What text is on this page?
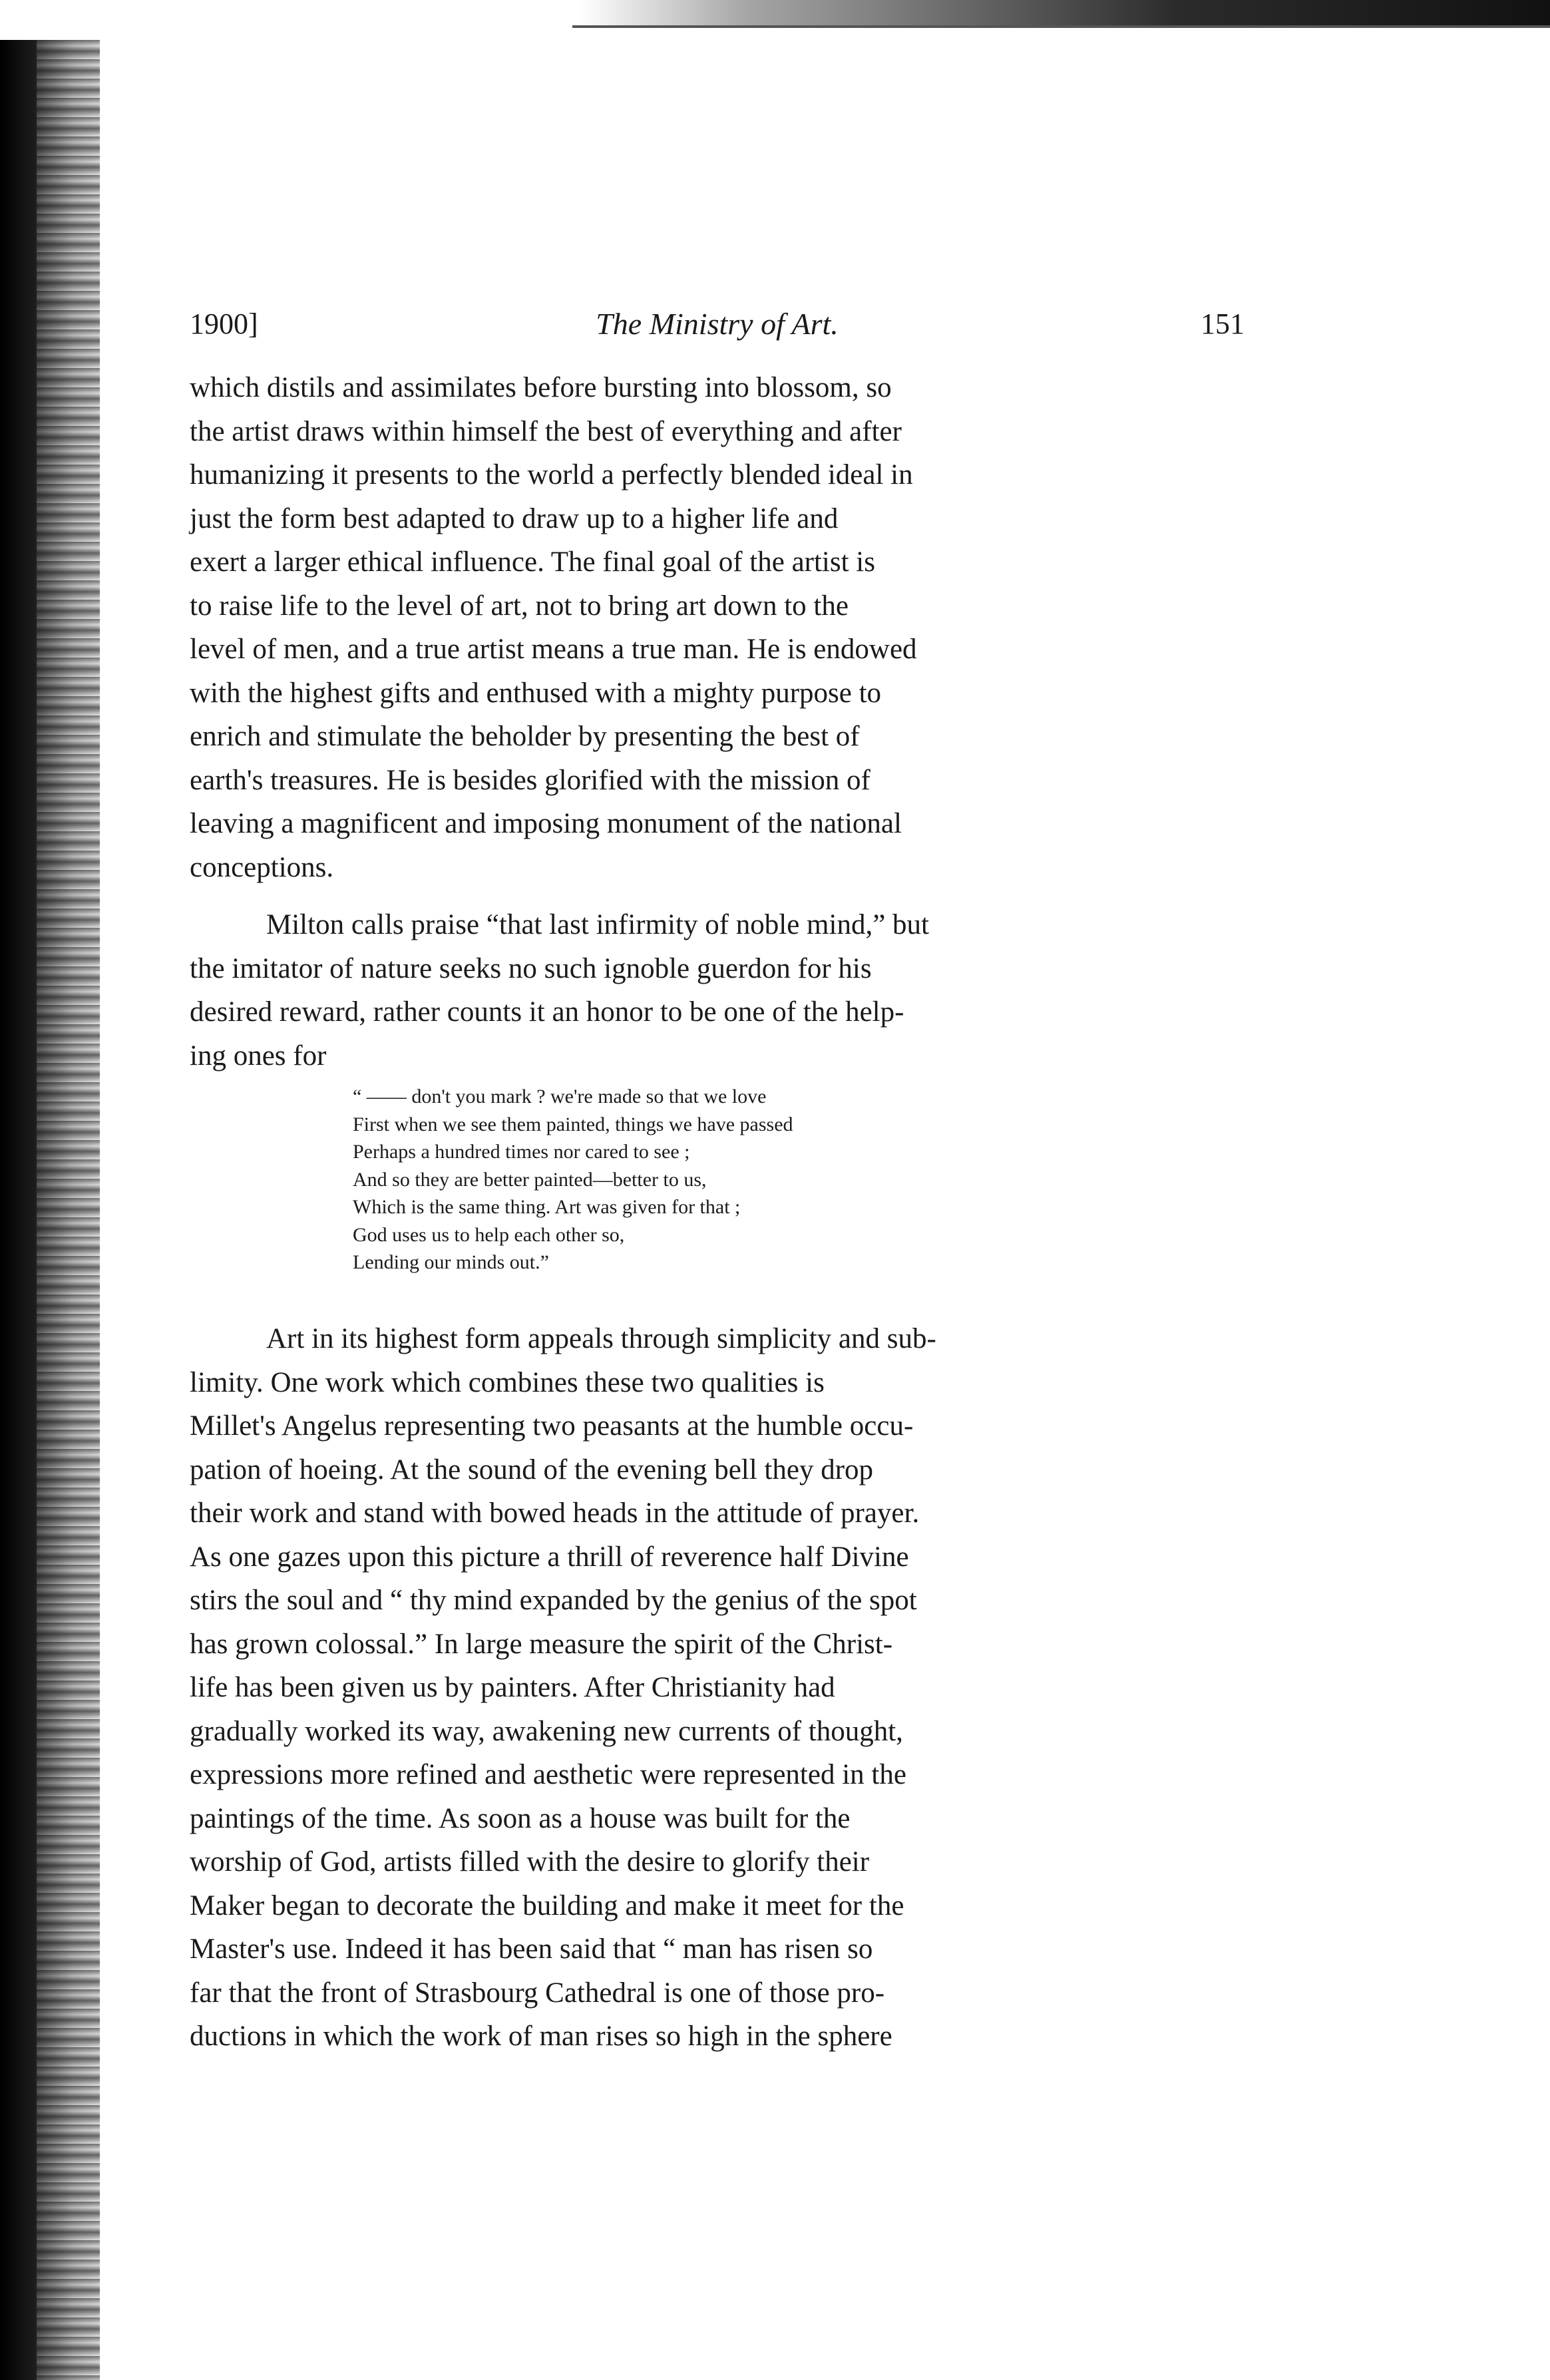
1900]	The Ministry of Art.	151
which distils and assimilates before bursting into blossom, so
the artist draws within himself the best of everything and after
humanizing it presents to the world a perfectly blended ideal in
just the form best adapted to draw up to a higher life and
exert a larger ethical influence. The final goal of the artist is
to raise life to the level of art, not to bring art down to the
level of men, and a true artist means a true man. He is endowed
with the highest gifts and enthused with a mighty purpose to
enrich and stimulate the beholder by presenting the best of
earth's treasures. He is besides glorified with the mission of
leaving a magnificent and imposing monument of the national
conceptions.
Milton calls praise “that last infirmity of noble mind,” but
the imitator of nature seeks no such ignoble guerdon for his
desired reward, rather counts it an honor to be one of the help-
ing ones for
“ —— don't you mark ? we're made so that we love
First when we see them painted, things we have passed
Perhaps a hundred times nor cared to see ;
And so they are better painted—better to us,
Which is the same thing. Art was given for that ;
God uses us to help each other so,
Lending our minds out.”
Art in its highest form appeals through simplicity and sub-
limity. One work which combines these two qualities is
Millet's Angelus representing two peasants at the humble occu-
pation of hoeing. At the sound of the evening bell they drop
their work and stand with bowed heads in the attitude of prayer.
As one gazes upon this picture a thrill of reverence half Divine
stirs the soul and “ thy mind expanded by the genius of the spot
has grown colossal.” In large measure the spirit of the Christ-
life has been given us by painters. After Christianity had
gradually worked its way, awakening new currents of thought,
expressions more refined and aesthetic were represented in the
paintings of the time. As soon as a house was built for the
worship of God, artists filled with the desire to glorify their
Maker began to decorate the building and make it meet for the
Master's use. Indeed it has been said that “ man has risen so
far that the front of Strasbourg Cathedral is one of those pro-
ductions in which the work of man rises so high in the sphere
